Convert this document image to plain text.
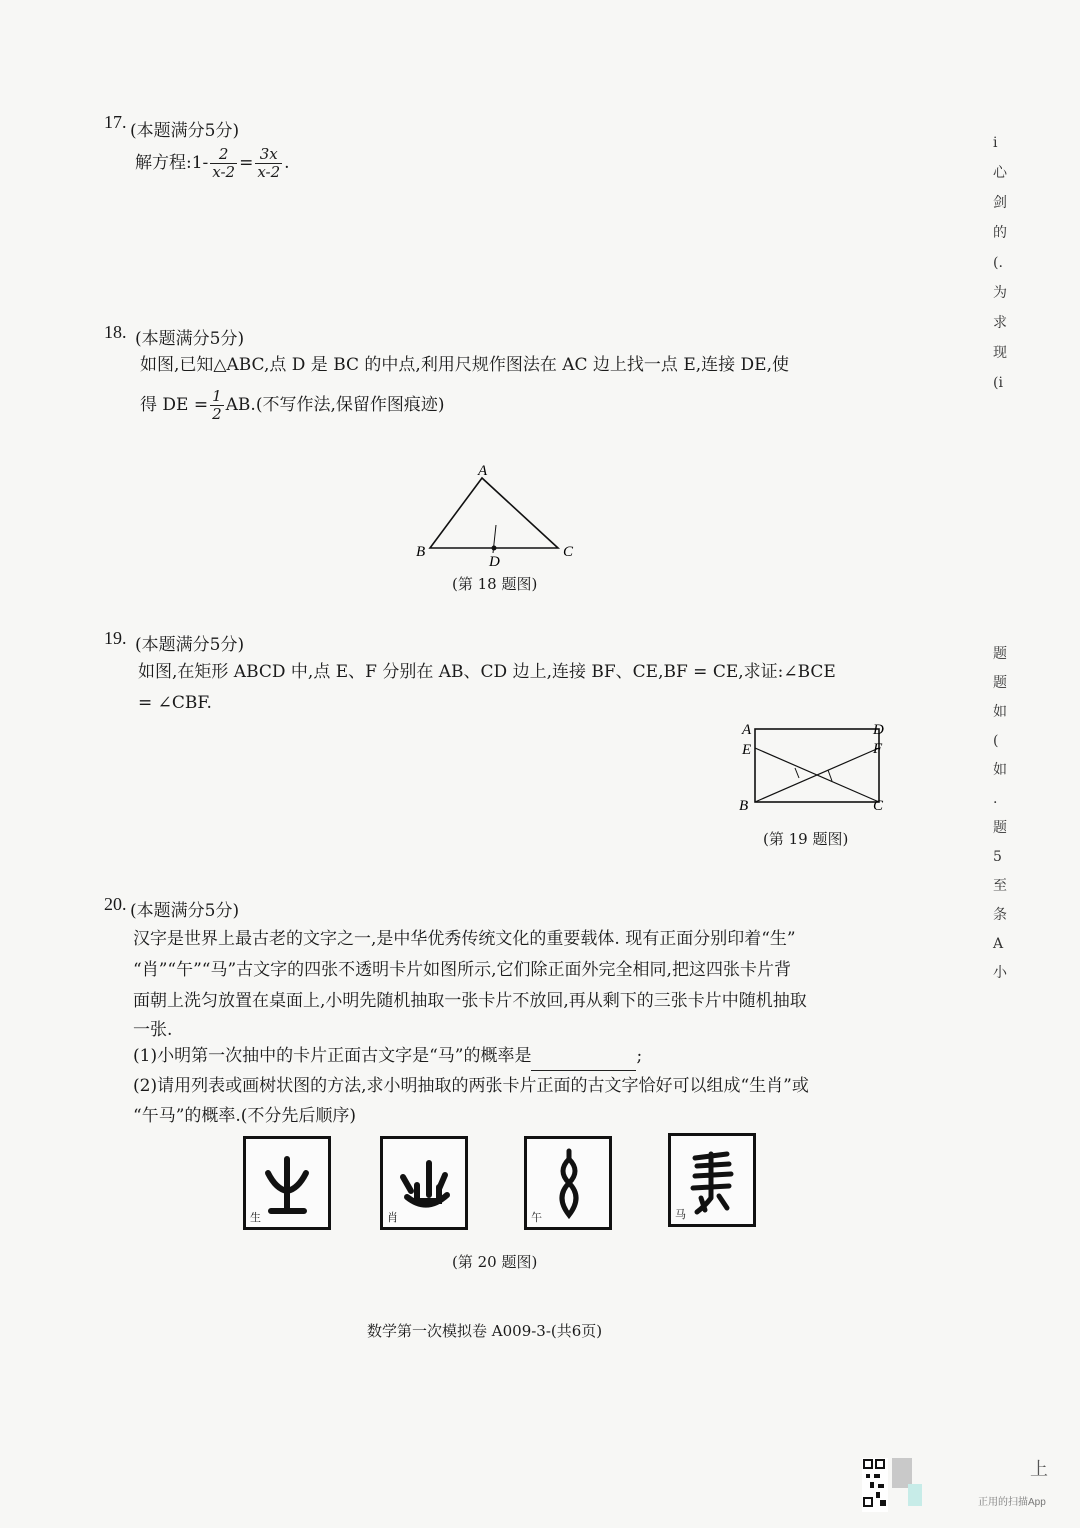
17. (本题满分5分)
解方程:1- $\frac{2}{x-2} = \frac{3x}{x-2}$ .
18. (本题满分5分)
如图,已知△ABC,点 D 是 BC 的中点,利用尺规作图法在 AC 边上找一点 E,连接 DE,使
得 DE = $\frac{1}{2} AB$.(不写作法,保留作图痕迹)
A
B	C
D
(第 18 题图)
19. (本题满分5分)
如图,在矩形 ABCD 中,点 E、F 分别在 AB、CD 边上,连接 BF、CE,BF = CE,求证:∠BCE
= ∠CBF.
A
E
B
D
F
C
(第 19 题图)
20. (本题满分5分)
汉字是世界上最古老的文字之一,是中华优秀传统文化的重要载体. 现有正面分别印着“生”
“肖”“午”“马”古文字的四张不透明卡片如图所示,它们除正面外完全相同,把这四张卡片背
面朝上洗匀放置在桌面上,小明先随机抽取一张卡片不放回,再从剩下的三张卡片中随机抽取
一张.
(1)小明第一次抽中的卡片正面古文字是“马”的概率是	;
(2)请用列表或画树状图的方法,求小明抽取的两张卡片正面的古文字恰好可以组成“生肖”或
“午马”的概率.(不分先后顺序)
生	肖	午	马
(第 20 题图)
数学第一次模拟卷 A009-3-(共6页)
i
心
剑
的
(.
为
求
现
(i
题
题
如
(
如
.
题
5
至
条
A
小
正用的扫描App
上
